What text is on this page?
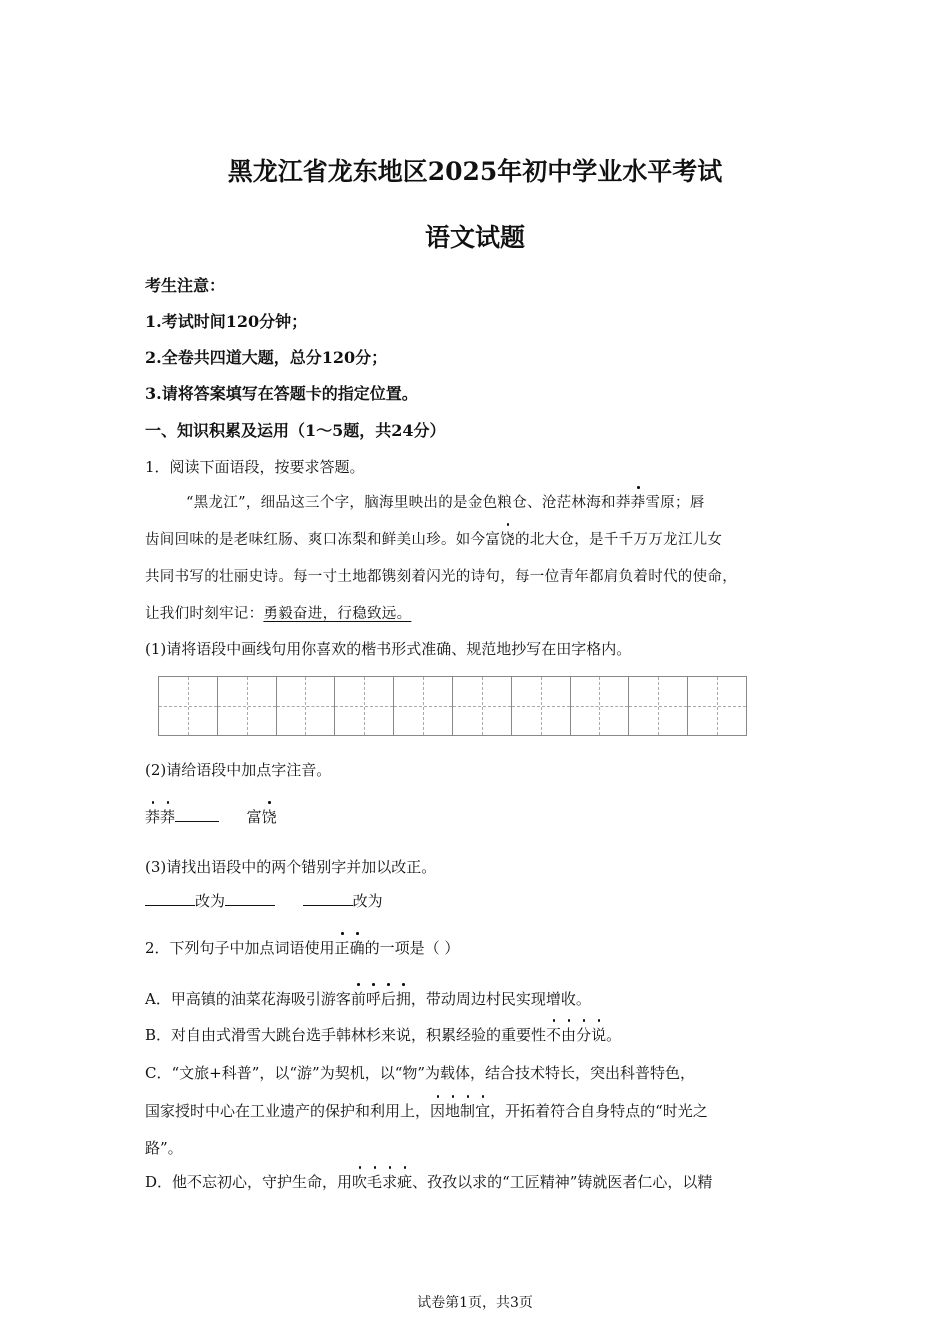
黑龙江省龙东地区2025年初中学业水平考试
语文试题
考生注意：
1.考试时间120分钟；
2.全卷共四道大题，总分120分；
3.请将答案填写在答题卡的指定位置。
一、知识积累及运用（1～5题，共24分）
1．阅读下面语段，按要求答题。
“黑龙江”，细品这三个字，脑海里映出的是金色粮仓、沧茫林海和莽莽雪原；唇
齿间回味的是老味红肠、爽口冻梨和鲜美山珍。如今富饶的北大仓，是千千万万龙江儿女
共同书写的壮丽史诗。每一寸土地都镌刻着闪光的诗句，每一位青年都肩负着时代的使命，
让我们时刻牢记：勇毅奋进，行稳致远。
(1)请将语段中画线句用你喜欢的楷书形式准确、规范地抄写在田字格内。
(2)请给语段中加点字注音。
莽莽	富饶
(3)请找出语段中的两个错别字并加以改正。
改为	改为
2．下列句子中加点词语使用正确的一项是（ ）
A．甲高镇的油菜花海吸引游客前呼后拥，带动周边村民实现增收。
B．对自由式滑雪大跳台选手韩林杉来说，积累经验的重要性不由分说。
C．“文旅+科普”，以“游”为契机，以“物”为载体，结合技术特长，突出科普特色，
国家授时中心在工业遗产的保护和利用上，因地制宜，开拓着符合自身特点的“时光之
路”。
D．他不忘初心，守护生命，用吹毛求疵、孜孜以求的“工匠精神”铸就医者仁心，以精
试卷第1页，共3页
